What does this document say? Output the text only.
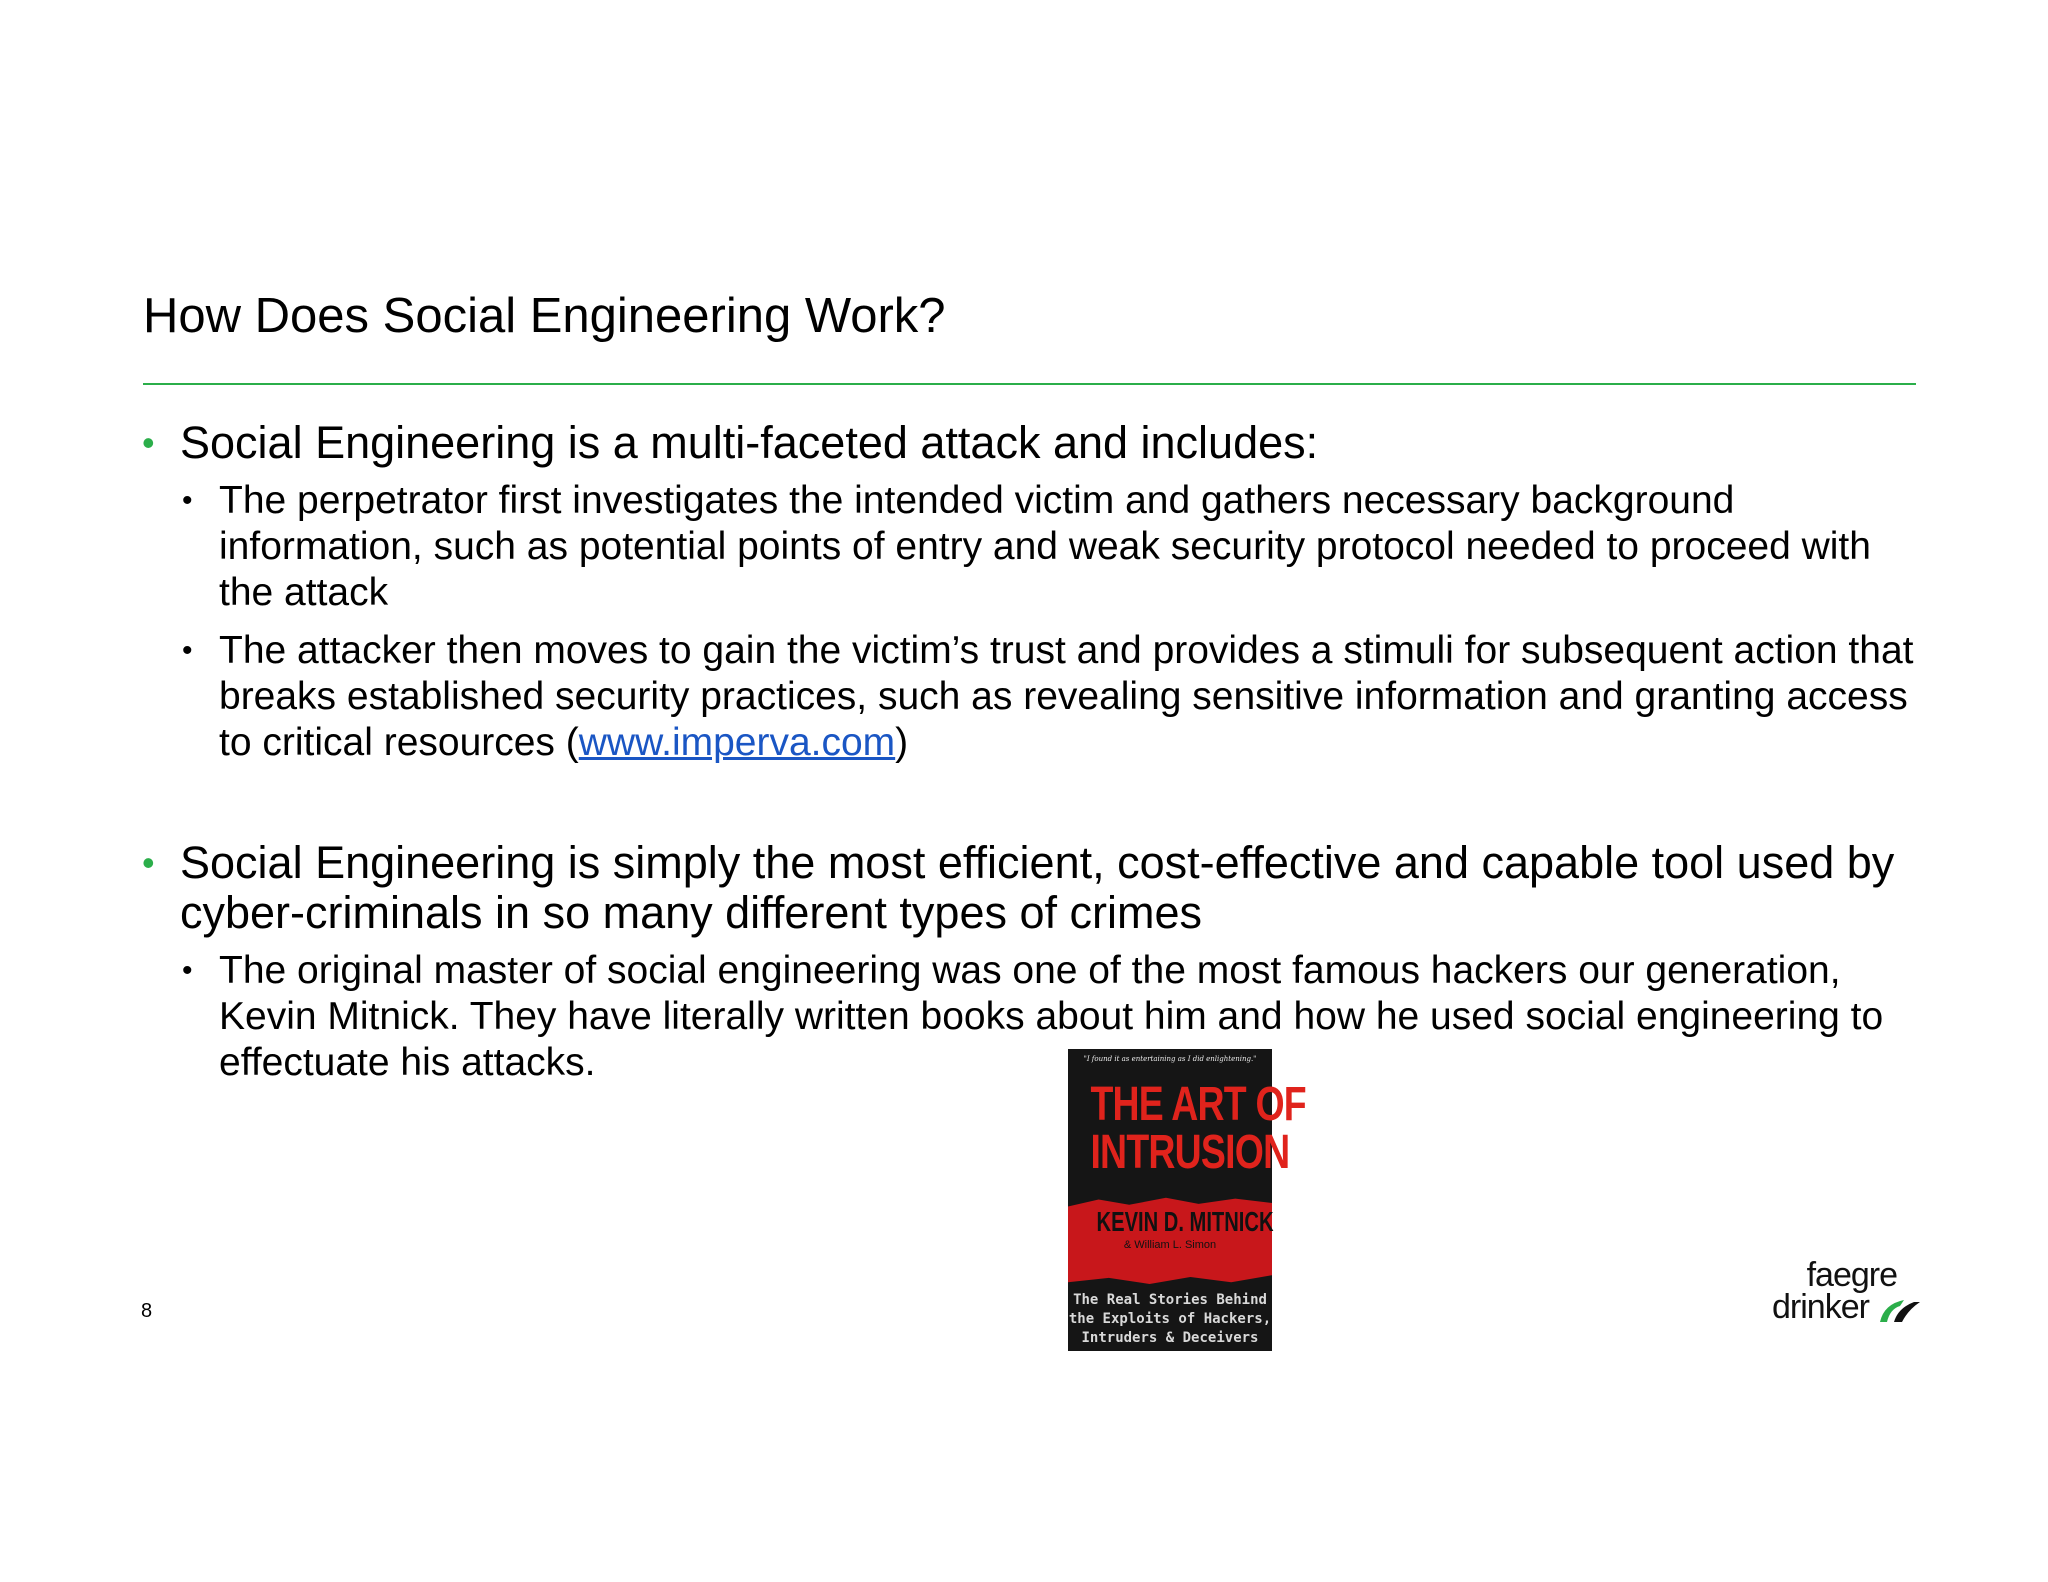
How Does Social Engineering Work?
• Social Engineering is a multi-faceted attack and includes:
• The perpetrator first investigates the intended victim and gathers necessary background information, such as potential points of entry and weak security protocol needed to proceed with the attack
• The attacker then moves to gain the victim’s trust and provides a stimuli for subsequent action that breaks established security practices, such as revealing sensitive information and granting access to critical resources (www.imperva.com)
• Social Engineering is simply the most efficient, cost-effective and capable tool used by cyber-criminals in so many different types of crimes
• The original master of social engineering was one of the most famous hackers our generation, Kevin Mitnick. They have literally written books about him and how he used social engineering to effectuate his attacks.	"I found it as entertaining as I did enlightening."
THE ART OF
INTRUSION
KEVIN D. MITNICK
& William L. Simon
The Real Stories Behind
the Exploits of Hackers,
Intruders & Deceivers
8
faegre
drinker
